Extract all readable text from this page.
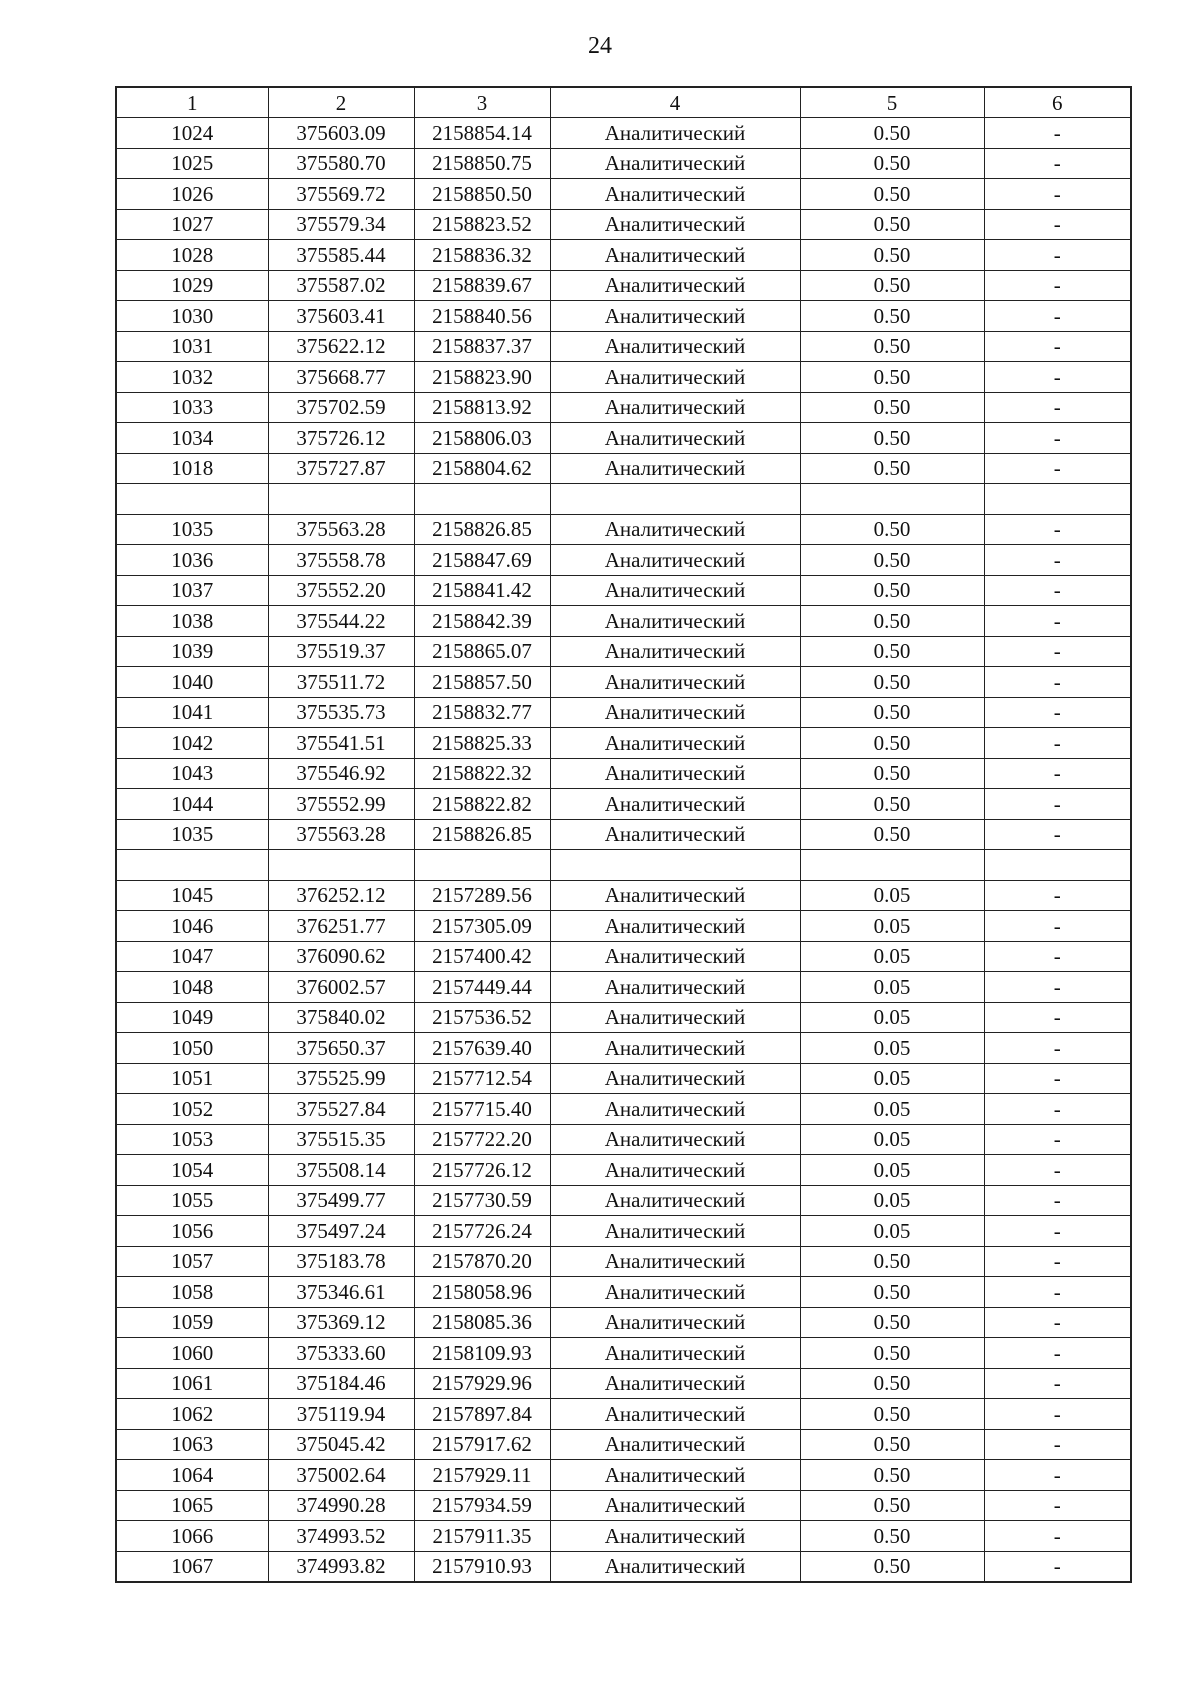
24
1	2	3	4	5	6
1024	375603.09	2158854.14	Аналитический	0.50	-
1025	375580.70	2158850.75	Аналитический	0.50	-
1026	375569.72	2158850.50	Аналитический	0.50	-
1027	375579.34	2158823.52	Аналитический	0.50	-
1028	375585.44	2158836.32	Аналитический	0.50	-
1029	375587.02	2158839.67	Аналитический	0.50	-
1030	375603.41	2158840.56	Аналитический	0.50	-
1031	375622.12	2158837.37	Аналитический	0.50	-
1032	375668.77	2158823.90	Аналитический	0.50	-
1033	375702.59	2158813.92	Аналитический	0.50	-
1034	375726.12	2158806.03	Аналитический	0.50	-
1018	375727.87	2158804.62	Аналитический	0.50	-

1035	375563.28	2158826.85	Аналитический	0.50	-
1036	375558.78	2158847.69	Аналитический	0.50	-
1037	375552.20	2158841.42	Аналитический	0.50	-
1038	375544.22	2158842.39	Аналитический	0.50	-
1039	375519.37	2158865.07	Аналитический	0.50	-
1040	375511.72	2158857.50	Аналитический	0.50	-
1041	375535.73	2158832.77	Аналитический	0.50	-
1042	375541.51	2158825.33	Аналитический	0.50	-
1043	375546.92	2158822.32	Аналитический	0.50	-
1044	375552.99	2158822.82	Аналитический	0.50	-
1035	375563.28	2158826.85	Аналитический	0.50	-

1045	376252.12	2157289.56	Аналитический	0.05	-
1046	376251.77	2157305.09	Аналитический	0.05	-
1047	376090.62	2157400.42	Аналитический	0.05	-
1048	376002.57	2157449.44	Аналитический	0.05	-
1049	375840.02	2157536.52	Аналитический	0.05	-
1050	375650.37	2157639.40	Аналитический	0.05	-
1051	375525.99	2157712.54	Аналитический	0.05	-
1052	375527.84	2157715.40	Аналитический	0.05	-
1053	375515.35	2157722.20	Аналитический	0.05	-
1054	375508.14	2157726.12	Аналитический	0.05	-
1055	375499.77	2157730.59	Аналитический	0.05	-
1056	375497.24	2157726.24	Аналитический	0.05	-
1057	375183.78	2157870.20	Аналитический	0.50	-
1058	375346.61	2158058.96	Аналитический	0.50	-
1059	375369.12	2158085.36	Аналитический	0.50	-
1060	375333.60	2158109.93	Аналитический	0.50	-
1061	375184.46	2157929.96	Аналитический	0.50	-
1062	375119.94	2157897.84	Аналитический	0.50	-
1063	375045.42	2157917.62	Аналитический	0.50	-
1064	375002.64	2157929.11	Аналитический	0.50	-
1065	374990.28	2157934.59	Аналитический	0.50	-
1066	374993.52	2157911.35	Аналитический	0.50	-
1067	374993.82	2157910.93	Аналитический	0.50	-
